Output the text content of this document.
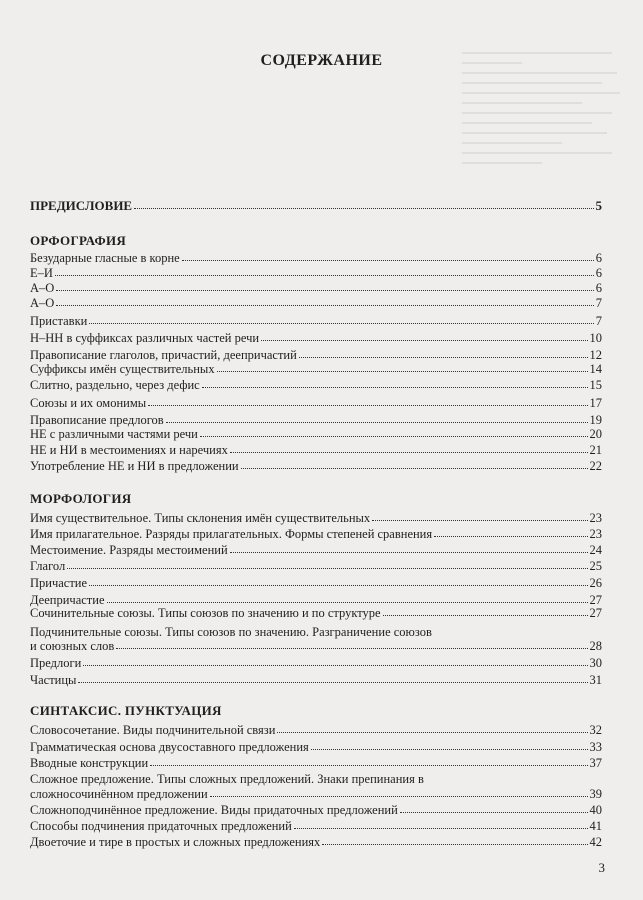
СОДЕРЖАНИЕ
ПРЕДИСЛОВИЕ	5
ОРФОГРАФИЯ
Безударные гласные в корне	6
Е–И	6
А–О	6
А–О	7
Приставки	7
Н–НН в суффиксах различных частей речи	10
Правописание глаголов, причастий, деепричастий	12
Суффиксы имён существительных	14
Слитно, раздельно, через дефис	15
Союзы и их омонимы	17
Правописание предлогов	19
НЕ с различными частями речи	20
НЕ и НИ в местоимениях и наречиях	21
Употребление НЕ и НИ в предложении	22
МОРФОЛОГИЯ
Имя существительное. Типы склонения имён существительных	23
Имя прилагательное. Разряды прилагательных. Формы степеней сравнения	23
Местоимение. Разряды местоимений	24
Глагол	25
Причастие	26
Деепричастие	27
Сочинительные союзы. Типы союзов по значению и по структуре	27
Подчинительные союзы. Типы союзов по значению. Разграничение союзов
и союзных слов	28
Предлоги	30
Частицы	31
СИНТАКСИС. ПУНКТУАЦИЯ
Словосочетание. Виды подчинительной связи	32
Грамматическая основа двусоставного предложения	33
Вводные конструкции	37
Сложное предложение. Типы сложных предложений. Знаки препинания в
сложносочинённом предложении	39
Сложноподчинённое предложение. Виды придаточных предложений	40
Способы подчинения придаточных предложений	41
Двоеточие и тире в простых и сложных предложениях	42
3
